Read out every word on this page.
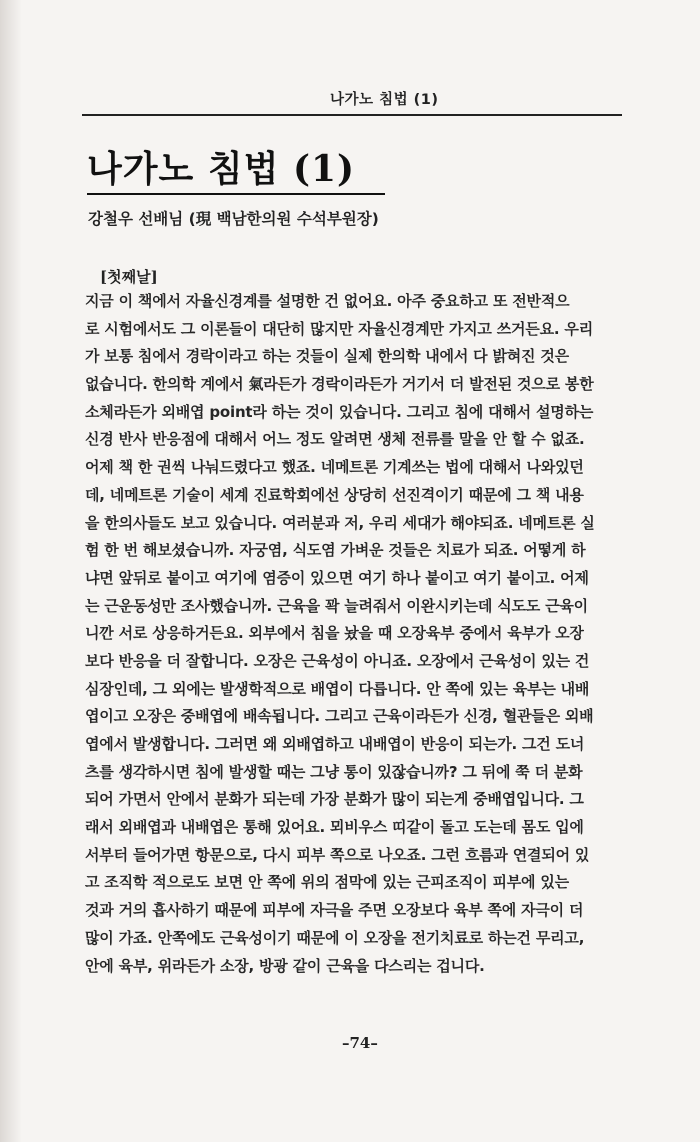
나가노 침법 (1)
나가노 침법 (1)
강철우 선배님 (現 백남한의원 수석부원장)
[첫째날]
지금 이 책에서 자율신경계를 설명한 건 없어요. 아주 중요하고 또 전반적으
로 시험에서도 그 이론들이 대단히 많지만 자율신경계만 가지고 쓰거든요. 우리
가 보통 침에서 경락이라고 하는 것들이 실제 한의학 내에서 다 밝혀진 것은
없습니다. 한의학 계에서 氣라든가 경락이라든가 거기서 더 발전된 것으로 봉한
소체라든가 외배엽 point라 하는 것이 있습니다. 그리고 침에 대해서 설명하는
신경 반사 반응점에 대해서 어느 정도 알려면 생체 전류를 말을 안 할 수 없죠.
어제 책 한 권씩 나눠드렸다고 했죠. 네메트론 기계쓰는 법에 대해서 나와있던
데, 네메트론 기술이 세계 진료학회에선 상당히 선진격이기 때문에 그 책 내용
을 한의사들도 보고 있습니다. 여러분과 저, 우리 세대가 해야되죠. 네메트론 실
험 한 번 해보셨습니까. 자궁염, 식도염 가벼운 것들은 치료가 되죠. 어떻게 하
냐면 앞뒤로 붙이고 여기에 염증이 있으면 여기 하나 붙이고 여기 붙이고. 어제
는 근운동성만 조사했습니까. 근육을 꽉 늘려줘서 이완시키는데 식도도 근육이
니깐 서로 상응하거든요. 외부에서 침을 놨을 때 오장육부 중에서 육부가 오장
보다 반응을 더 잘합니다. 오장은 근육성이 아니죠. 오장에서 근육성이 있는 건
심장인데, 그 외에는 발생학적으로 배엽이 다릅니다. 안 쪽에 있는 육부는 내배
엽이고 오장은 중배엽에 배속됩니다. 그리고 근육이라든가 신경, 혈관들은 외배
엽에서 발생합니다. 그러면 왜 외배엽하고 내배엽이 반응이 되는가. 그건 도너
츠를 생각하시면 침에 발생할 때는 그냥 통이 있잖습니까? 그 뒤에 쭉 더 분화
되어 가면서 안에서 분화가 되는데 가장 분화가 많이 되는게 중배엽입니다. 그
래서 외배엽과 내배엽은 통해 있어요. 뫼비우스 띠같이 돌고 도는데 몸도 입에
서부터 들어가면 항문으로, 다시 피부 쪽으로 나오죠. 그런 흐름과 연결되어 있
고 조직학 적으로도 보면 안 쪽에 위의 점막에 있는 근피조직이 피부에 있는
것과 거의 흡사하기 때문에 피부에 자극을 주면 오장보다 육부 쪽에 자극이 더
많이 가죠. 안쪽에도 근육성이기 때문에 이 오장을 전기치료로 하는건 무리고,
안에 육부, 위라든가 소장, 방광 같이 근육을 다스리는 겁니다.
–74–
